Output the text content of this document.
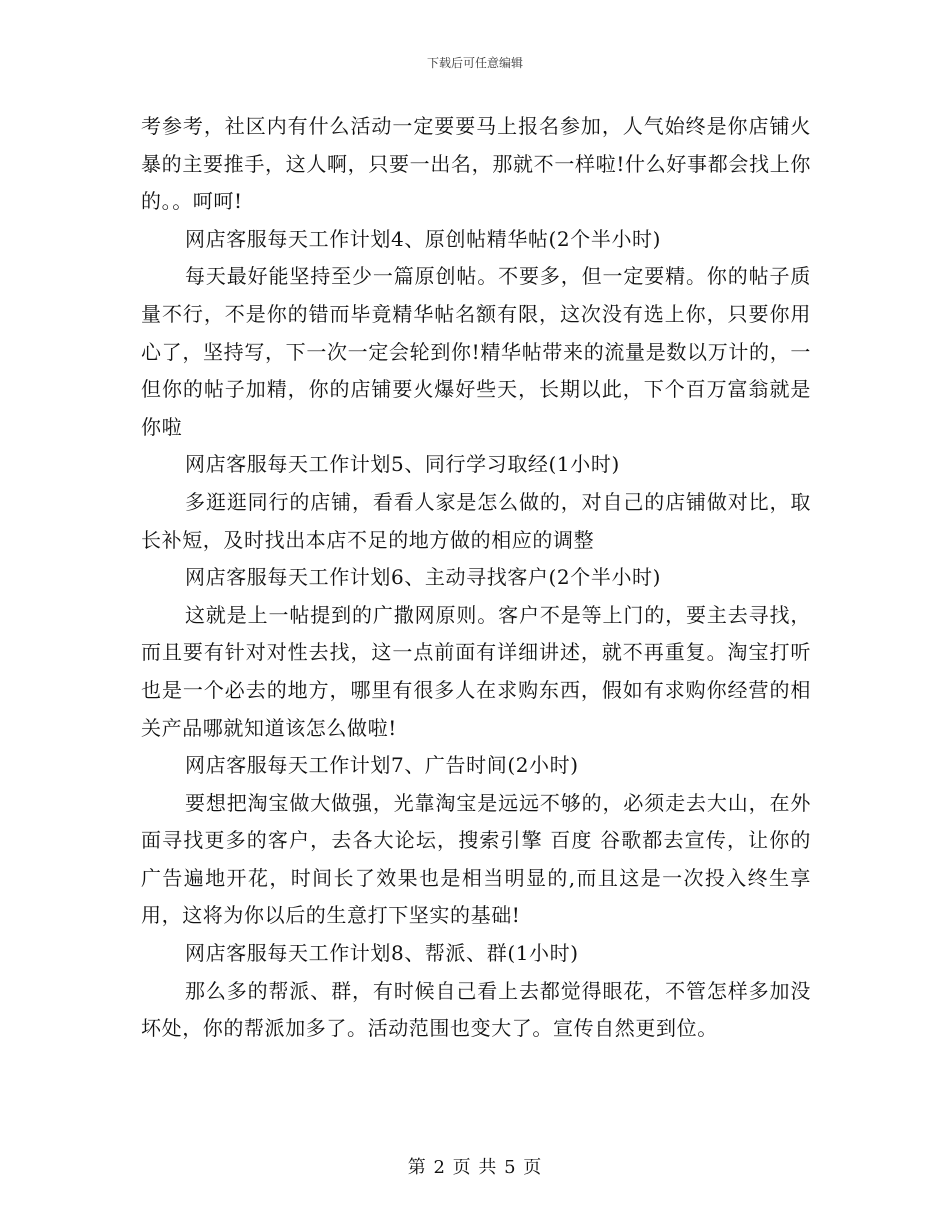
下载后可任意编辑

考参考，社区内有什么活动一定要要马上报名参加，人气始终是你店铺火暴的主要推手，这人啊，只要一出名，那就不一样啦!什么好事都会找上你的。。呵呵!

网店客服每天工作计划4、原创帖精华帖(2个半小时)

每天最好能坚持至少一篇原创帖。不要多，但一定要精。你的帖子质量不行，不是你的错而毕竟精华帖名额有限，这次没有选上你，只要你用心了，坚持写，下一次一定会轮到你!精华帖带来的流量是数以万计的，一但你的帖子加精，你的店铺要火爆好些天，长期以此，下个百万富翁就是你啦

网店客服每天工作计划5、同行学习取经(1小时)

多逛逛同行的店铺，看看人家是怎么做的，对自己的店铺做对比，取长补短，及时找出本店不足的地方做的相应的调整

网店客服每天工作计划6、主动寻找客户(2个半小时)

这就是上一帖提到的广撒网原则。客户不是等上门的，要主去寻找，而且要有针对对性去找，这一点前面有详细讲述，就不再重复。淘宝打听也是一个必去的地方，哪里有很多人在求购东西，假如有求购你经营的相关产品哪就知道该怎么做啦!

网店客服每天工作计划7、广告时间(2小时)

要想把淘宝做大做强，光靠淘宝是远远不够的，必须走去大山，在外面寻找更多的客户，去各大论坛，搜索引擎 百度 谷歌都去宣传，让你的广告遍地开花，时间长了效果也是相当明显的,而且这是一次投入终生享用，这将为你以后的生意打下坚实的基础!

网店客服每天工作计划8、帮派、群(1小时)

那么多的帮派、群，有时候自己看上去都觉得眼花，不管怎样多加没坏处，你的帮派加多了。活动范围也变大了。宣传自然更到位。

第 2 页 共 5 页
